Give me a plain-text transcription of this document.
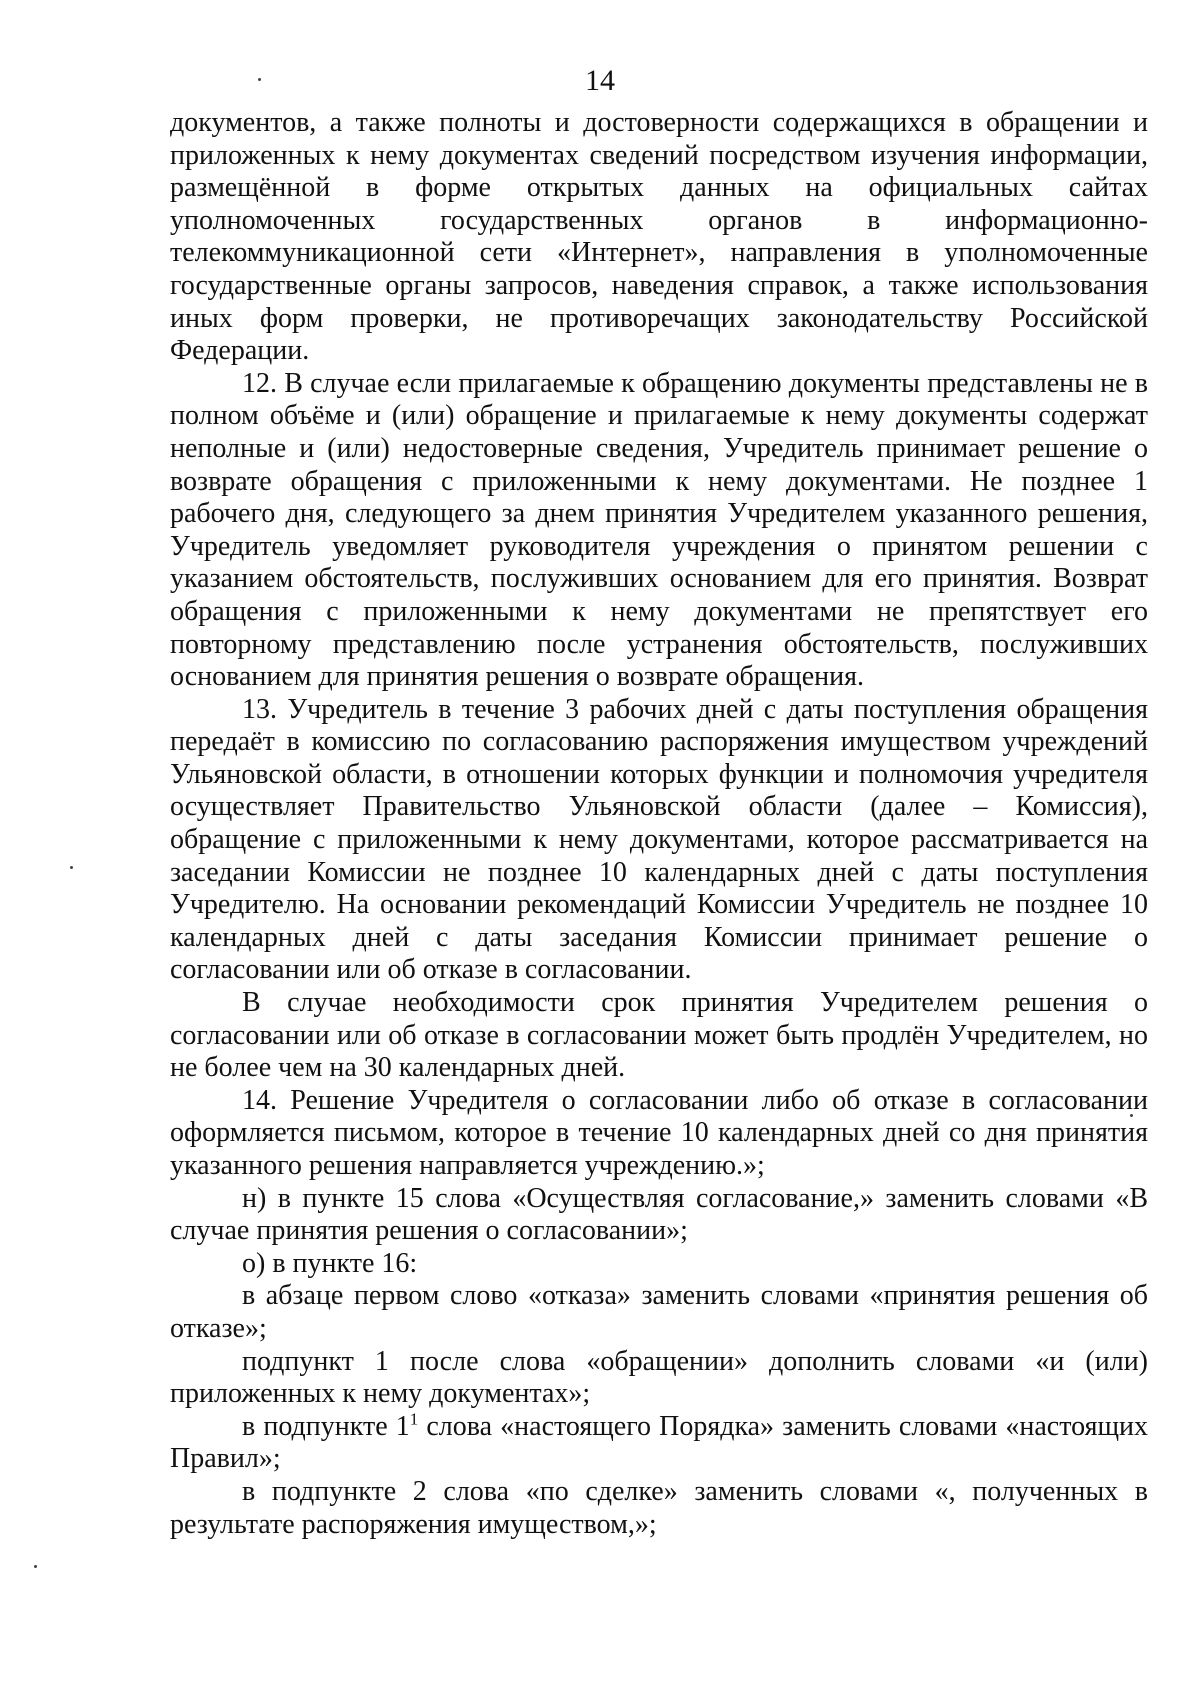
14

документов, а также полноты и достоверности содержащихся в обращении и приложенных к нему документах сведений посредством изучения информации, размещённой в форме открытых данных на официальных сайтах уполномоченных государственных органов в информационно-телекоммуникационной сети «Интернет», направления в уполномоченные государственные органы запросов, наведения справок, а также использования иных форм проверки, не противоречащих законодательству Российской Федерации.

12. В случае если прилагаемые к обращению документы представлены не в полном объёме и (или) обращение и прилагаемые к нему документы содержат неполные и (или) недостоверные сведения, Учредитель принимает решение о возврате обращения с приложенными к нему документами. Не позднее 1 рабочего дня, следующего за днем принятия Учредителем указанного решения, Учредитель уведомляет руководителя учреждения о принятом решении с указанием обстоятельств, послуживших основанием для его принятия. Возврат обращения с приложенными к нему документами не препятствует его повторному представлению после устранения обстоятельств, послуживших основанием для принятия решения о возврате обращения.

13. Учредитель в течение 3 рабочих дней с даты поступления обращения передаёт в комиссию по согласованию распоряжения имуществом учреждений Ульяновской области, в отношении которых функции и полномочия учредителя осуществляет Правительство Ульяновской области (далее – Комиссия), обращение с приложенными к нему документами, которое рассматривается на заседании Комиссии не позднее 10 календарных дней с даты поступления Учредителю. На основании рекомендаций Комиссии Учредитель не позднее 10 календарных дней с даты заседания Комиссии принимает решение о согласовании или об отказе в согласовании.

В случае необходимости срок принятия Учредителем решения о согласовании или об отказе в согласовании может быть продлён Учредителем, но не более чем на 30 календарных дней.

14. Решение Учредителя о согласовании либо об отказе в согласовании оформляется письмом, которое в течение 10 календарных дней со дня принятия указанного решения направляется учреждению.»;

н) в пункте 15 слова «Осуществляя согласование,» заменить словами «В случае принятия решения о согласовании»;

о) в пункте 16:

в абзаце первом слово «отказа» заменить словами «принятия решения об отказе»;

подпункт 1 после слова «обращении» дополнить словами «и (или) приложенных к нему документах»;

в подпункте $1^1$ слова «настоящего Порядка» заменить словами «настоящих Правил»;

в подпункте 2 слова «по сделке» заменить словами «, полученных в результате распоряжения имуществом,»;
